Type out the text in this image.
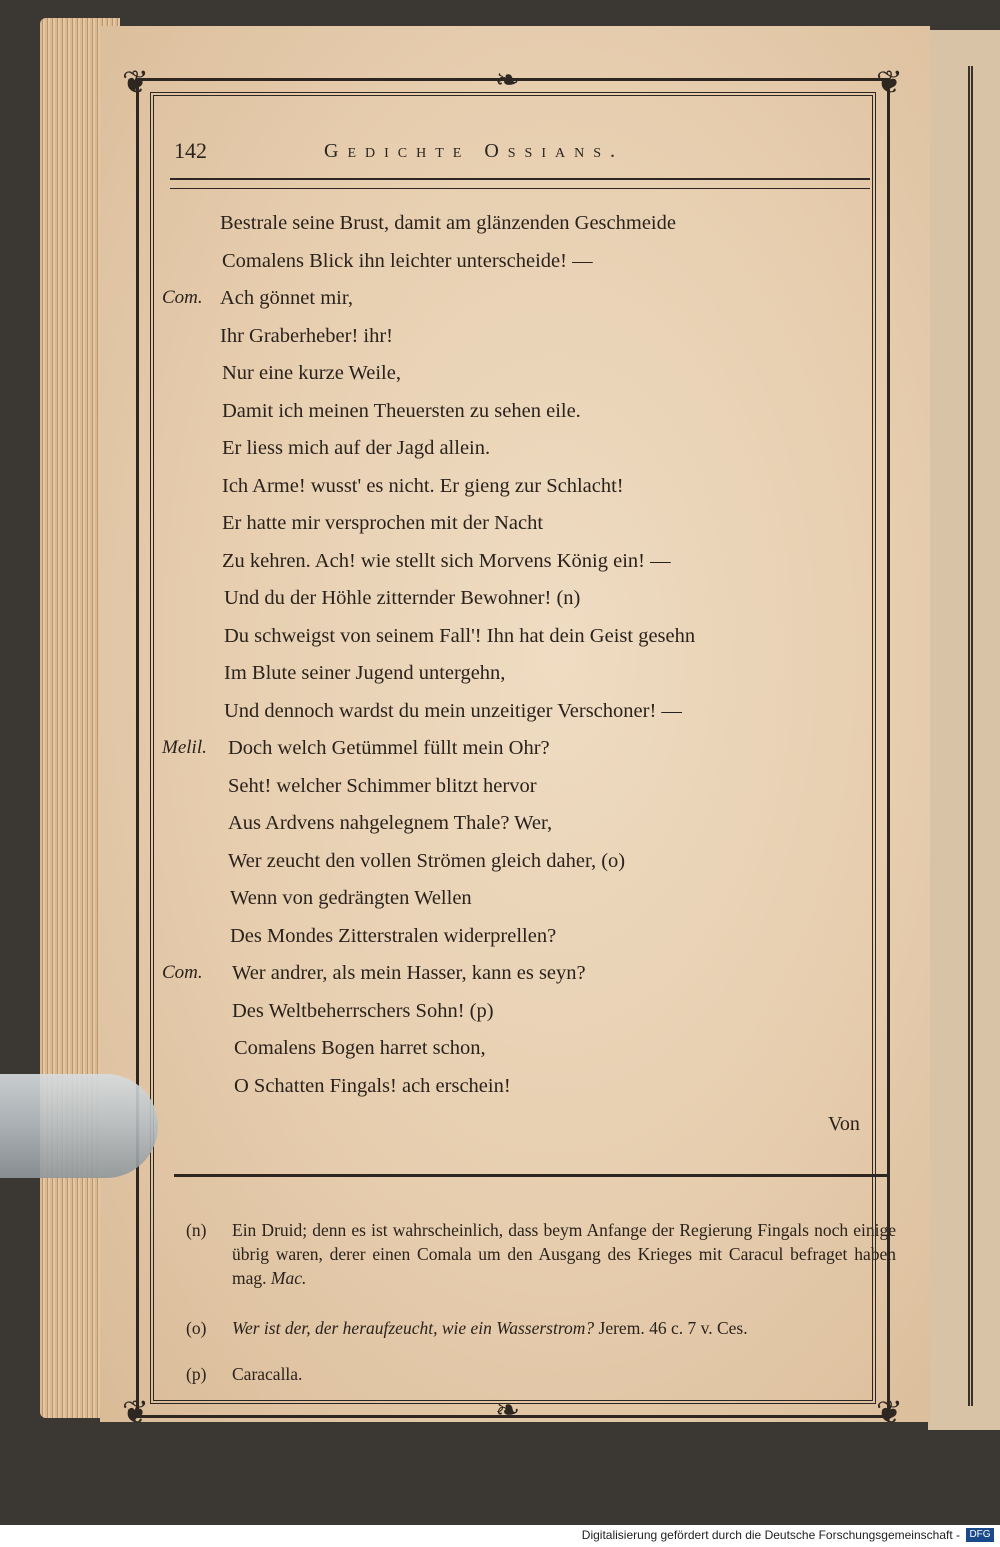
❦	❦
❦	❦
❧
❧
142	Gedichte Ossians.
Bestrale seine Brust, damit am glänzenden Geschmeide
Comalens Blick ihn leichter unterscheide! —
Com. Ach gönnet mir,
Ihr Graberheber! ihr!
Nur eine kurze Weile,
Damit ich meinen Theuersten zu sehen eile.
Er liess mich auf der Jagd allein.
Ich Arme! wusst' es nicht. Er gieng zur Schlacht!
Er hatte mir versprochen mit der Nacht
Zu kehren. Ach! wie stellt sich Morvens König ein! —
Und du der Höhle zitternder Bewohner! (n)
Du schweigst von seinem Fall'! Ihn hat dein Geist gesehn
Im Blute seiner Jugend untergehn,
Und dennoch wardst du mein unzeitiger Verschoner! —
Melil. Doch welch Getümmel füllt mein Ohr?
Seht! welcher Schimmer blitzt hervor
Aus Ardvens nahgelegnem Thale? Wer,
Wer zeucht den vollen Strömen gleich daher, (o)
Wenn von gedrängten Wellen
Des Mondes Zitterstralen widerprellen?
Com. Wer andrer, als mein Hasser, kann es seyn?
Des Weltbeherrschers Sohn! (p)
Comalens Bogen harret schon,
O Schatten Fingals! ach erschein!
Von
(n)	Ein Druid; denn es ist wahrscheinlich, dass beym Anfange der Regierung Fingals noch einige übrig waren, derer einen Comala um den Ausgang des Krieges mit Caracul befraget haben mag. Mac.
(o)	Wer ist der, der heraufzeucht, wie ein Wasserstrom? Jerem. 46 c. 7 v. Ces.
(p)	Caracalla.
Digitalisierung gefördert durch die Deutsche Forschungsgemeinschaft - DFG
